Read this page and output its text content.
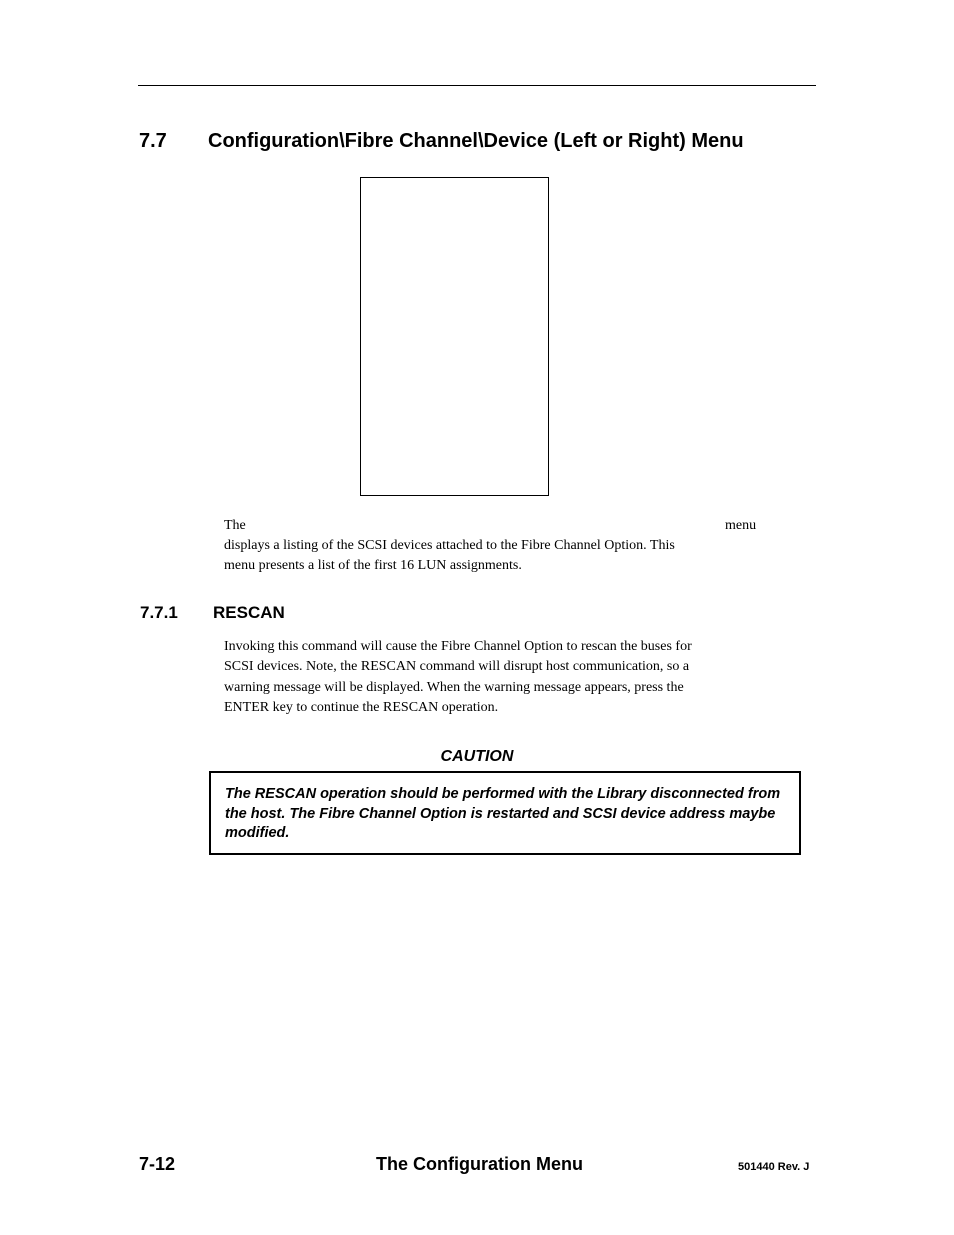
7.7 Configuration\Fibre Channel\Device (Left or Right) Menu
The	menu
displays a listing of the SCSI devices attached to the Fibre Channel Option. This
menu presents a list of the first 16 LUN assignments.
7.7.1 RESCAN
Invoking this command will cause the Fibre Channel Option to rescan the buses for
SCSI devices. Note, the RESCAN command will disrupt host communication, so a
warning message will be displayed. When the warning message appears, press the
ENTER key to continue the RESCAN operation.
CAUTION
The RESCAN operation should be performed with the Library disconnected from the host. The Fibre Channel Option is restarted and SCSI device address maybe modified.
7-12	The Configuration Menu	501440 Rev. J
